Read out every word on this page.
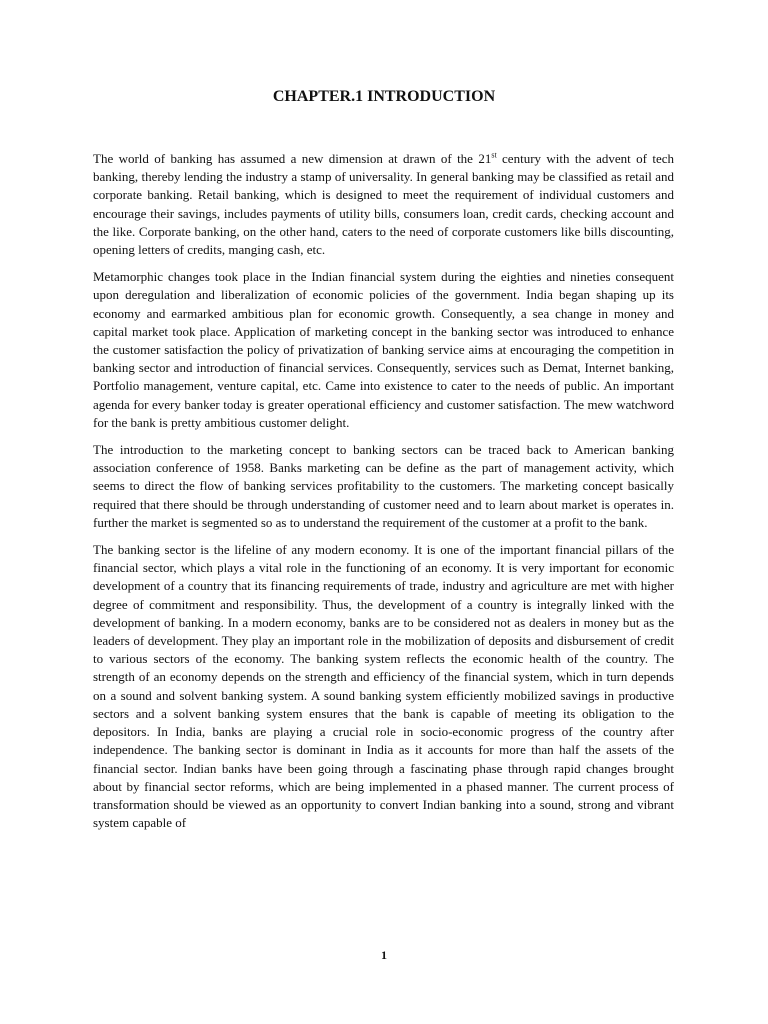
CHAPTER.1 INTRODUCTION

The world of banking has assumed a new dimension at drawn of the 21st century with the advent of tech banking, thereby lending the industry a stamp of universality. In general banking may be classified as retail and corporate banking. Retail banking, which is designed to meet the requirement of individual customers and encourage their savings, includes payments of utility bills, consumers loan, credit cards, checking account and the like. Corporate banking, on the other hand, caters to the need of corporate customers like bills discounting, opening letters of credits, manging cash, etc.

Metamorphic changes took place in the Indian financial system during the eighties and nineties consequent upon deregulation and liberalization of economic policies of the government. India began shaping up its economy and earmarked ambitious plan for economic growth. Consequently, a sea change in money and capital market took place. Application of marketing concept in the banking sector was introduced to enhance the customer satisfaction the policy of privatization of banking service aims at encouraging the competition in banking sector and introduction of financial services. Consequently, services such as Demat, Internet banking, Portfolio management, venture capital, etc. Came into existence to cater to the needs of public. An important agenda for every banker today is greater operational efficiency and customer satisfaction. The mew watchword for the bank is pretty ambitious customer delight.

The introduction to the marketing concept to banking sectors can be traced back to American banking association conference of 1958. Banks marketing can be define as the part of management activity, which seems to direct the flow of banking services profitability to the customers. The marketing concept basically required that there should be through understanding of customer need and to learn about market is operates in. further the market is segmented so as to understand the requirement of the customer at a profit to the bank.

The banking sector is the lifeline of any modern economy. It is one of the important financial pillars of the financial sector, which plays a vital role in the functioning of an economy. It is very important for economic development of a country that its financing requirements of trade, industry and agriculture are met with higher degree of commitment and responsibility. Thus, the development of a country is integrally linked with the development of banking. In a modern economy, banks are to be considered not as dealers in money but as the leaders of development. They play an important role in the mobilization of deposits and disbursement of credit to various sectors of the economy. The banking system reflects the economic health of the country. The strength of an economy depends on the strength and efficiency of the financial system, which in turn depends on a sound and solvent banking system. A sound banking system efficiently mobilized savings in productive sectors and a solvent banking system ensures that the bank is capable of meeting its obligation to the depositors. In India, banks are playing a crucial role in socio-economic progress of the country after independence. The banking sector is dominant in India as it accounts for more than half the assets of the financial sector. Indian banks have been going through a fascinating phase through rapid changes brought about by financial sector reforms, which are being implemented in a phased manner. The current process of transformation should be viewed as an opportunity to convert Indian banking into a sound, strong and vibrant system capable of

1
